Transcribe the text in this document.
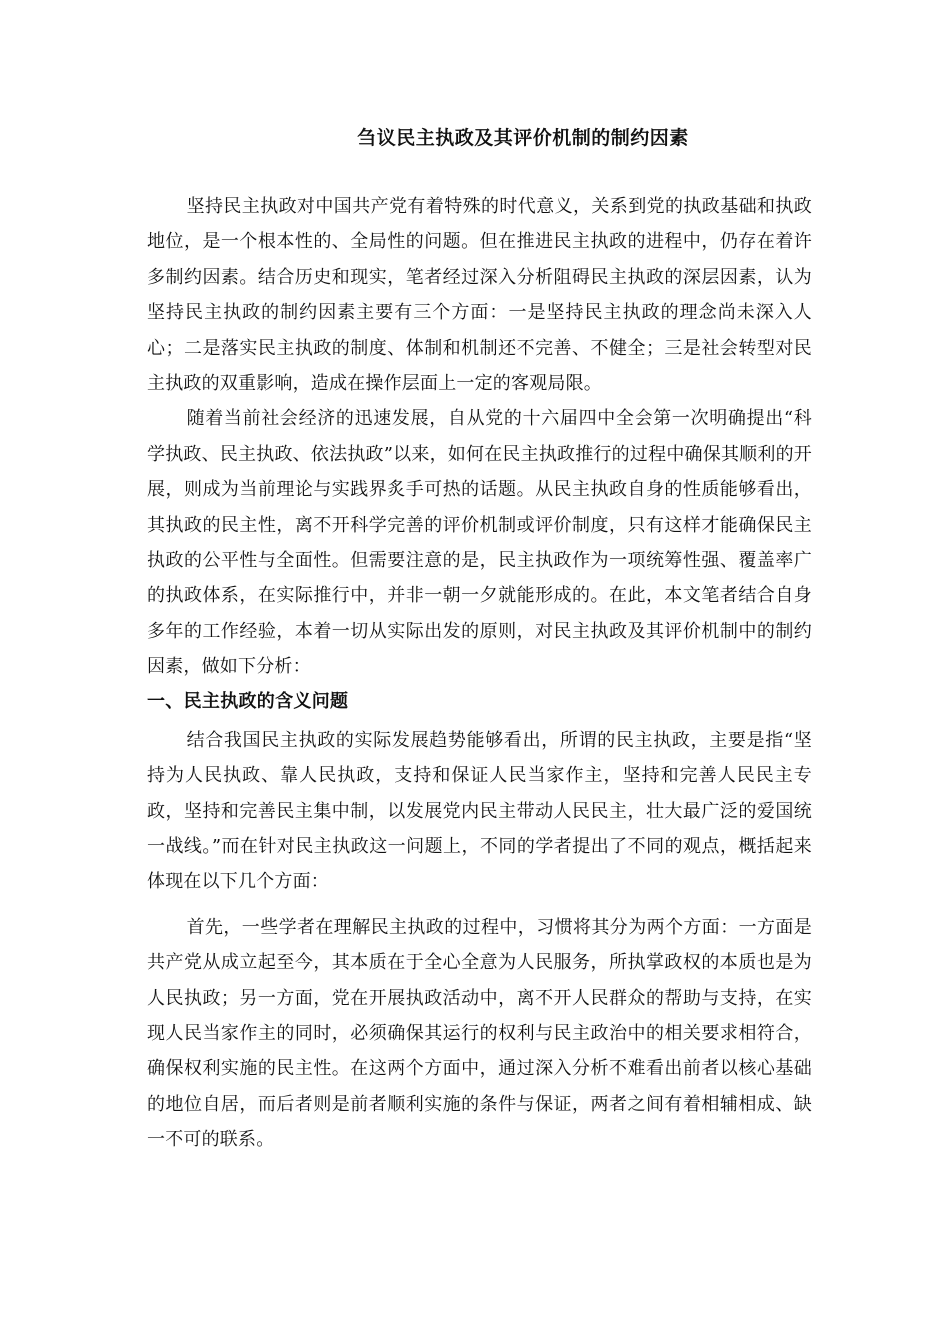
刍议民主执政及其评价机制的制约因素

坚持民主执政对中国共产党有着特殊的时代意义，关系到党的执政基础和执政地位，是一个根本性的、全局性的问题。但在推进民主执政的进程中，仍存在着许多制约因素。结合历史和现实，笔者经过深入分析阻碍民主执政的深层因素，认为坚持民主执政的制约因素主要有三个方面：一是坚持民主执政的理念尚未深入人心；二是落实民主执政的制度、体制和机制还不完善、不健全；三是社会转型对民主执政的双重影响，造成在操作层面上一定的客观局限。

随着当前社会经济的迅速发展，自从党的十六届四中全会第一次明确提出“科学执政、民主执政、依法执政”以来，如何在民主执政推行的过程中确保其顺利的开展，则成为当前理论与实践界炙手可热的话题。从民主执政自身的性质能够看出，其执政的民主性，离不开科学完善的评价机制或评价制度，只有这样才能确保民主执政的公平性与全面性。但需要注意的是，民主执政作为一项统筹性强、覆盖率广的执政体系，在实际推行中，并非一朝一夕就能形成的。在此，本文笔者结合自身多年的工作经验，本着一切从实际出发的原则，对民主执政及其评价机制中的制约因素，做如下分析：

一、民主执政的含义问题

结合我国民主执政的实际发展趋势能够看出，所谓的民主执政，主要是指“坚持为人民执政、靠人民执政，支持和保证人民当家作主，坚持和完善人民民主专政，坚持和完善民主集中制，以发展党内民主带动人民民主，壮大最广泛的爱国统一战线。”而在针对民主执政这一问题上，不同的学者提出了不同的观点，概括起来体现在以下几个方面：

首先，一些学者在理解民主执政的过程中，习惯将其分为两个方面：一方面是共产党从成立起至今，其本质在于全心全意为人民服务，所执掌政权的本质也是为人民执政；另一方面，党在开展执政活动中，离不开人民群众的帮助与支持，在实现人民当家作主的同时，必须确保其运行的权利与民主政治中的相关要求相符合，确保权利实施的民主性。在这两个方面中，通过深入分析不难看出前者以核心基础的地位自居，而后者则是前者顺利实施的条件与保证，两者之间有着相辅相成、缺一不可的联系。
